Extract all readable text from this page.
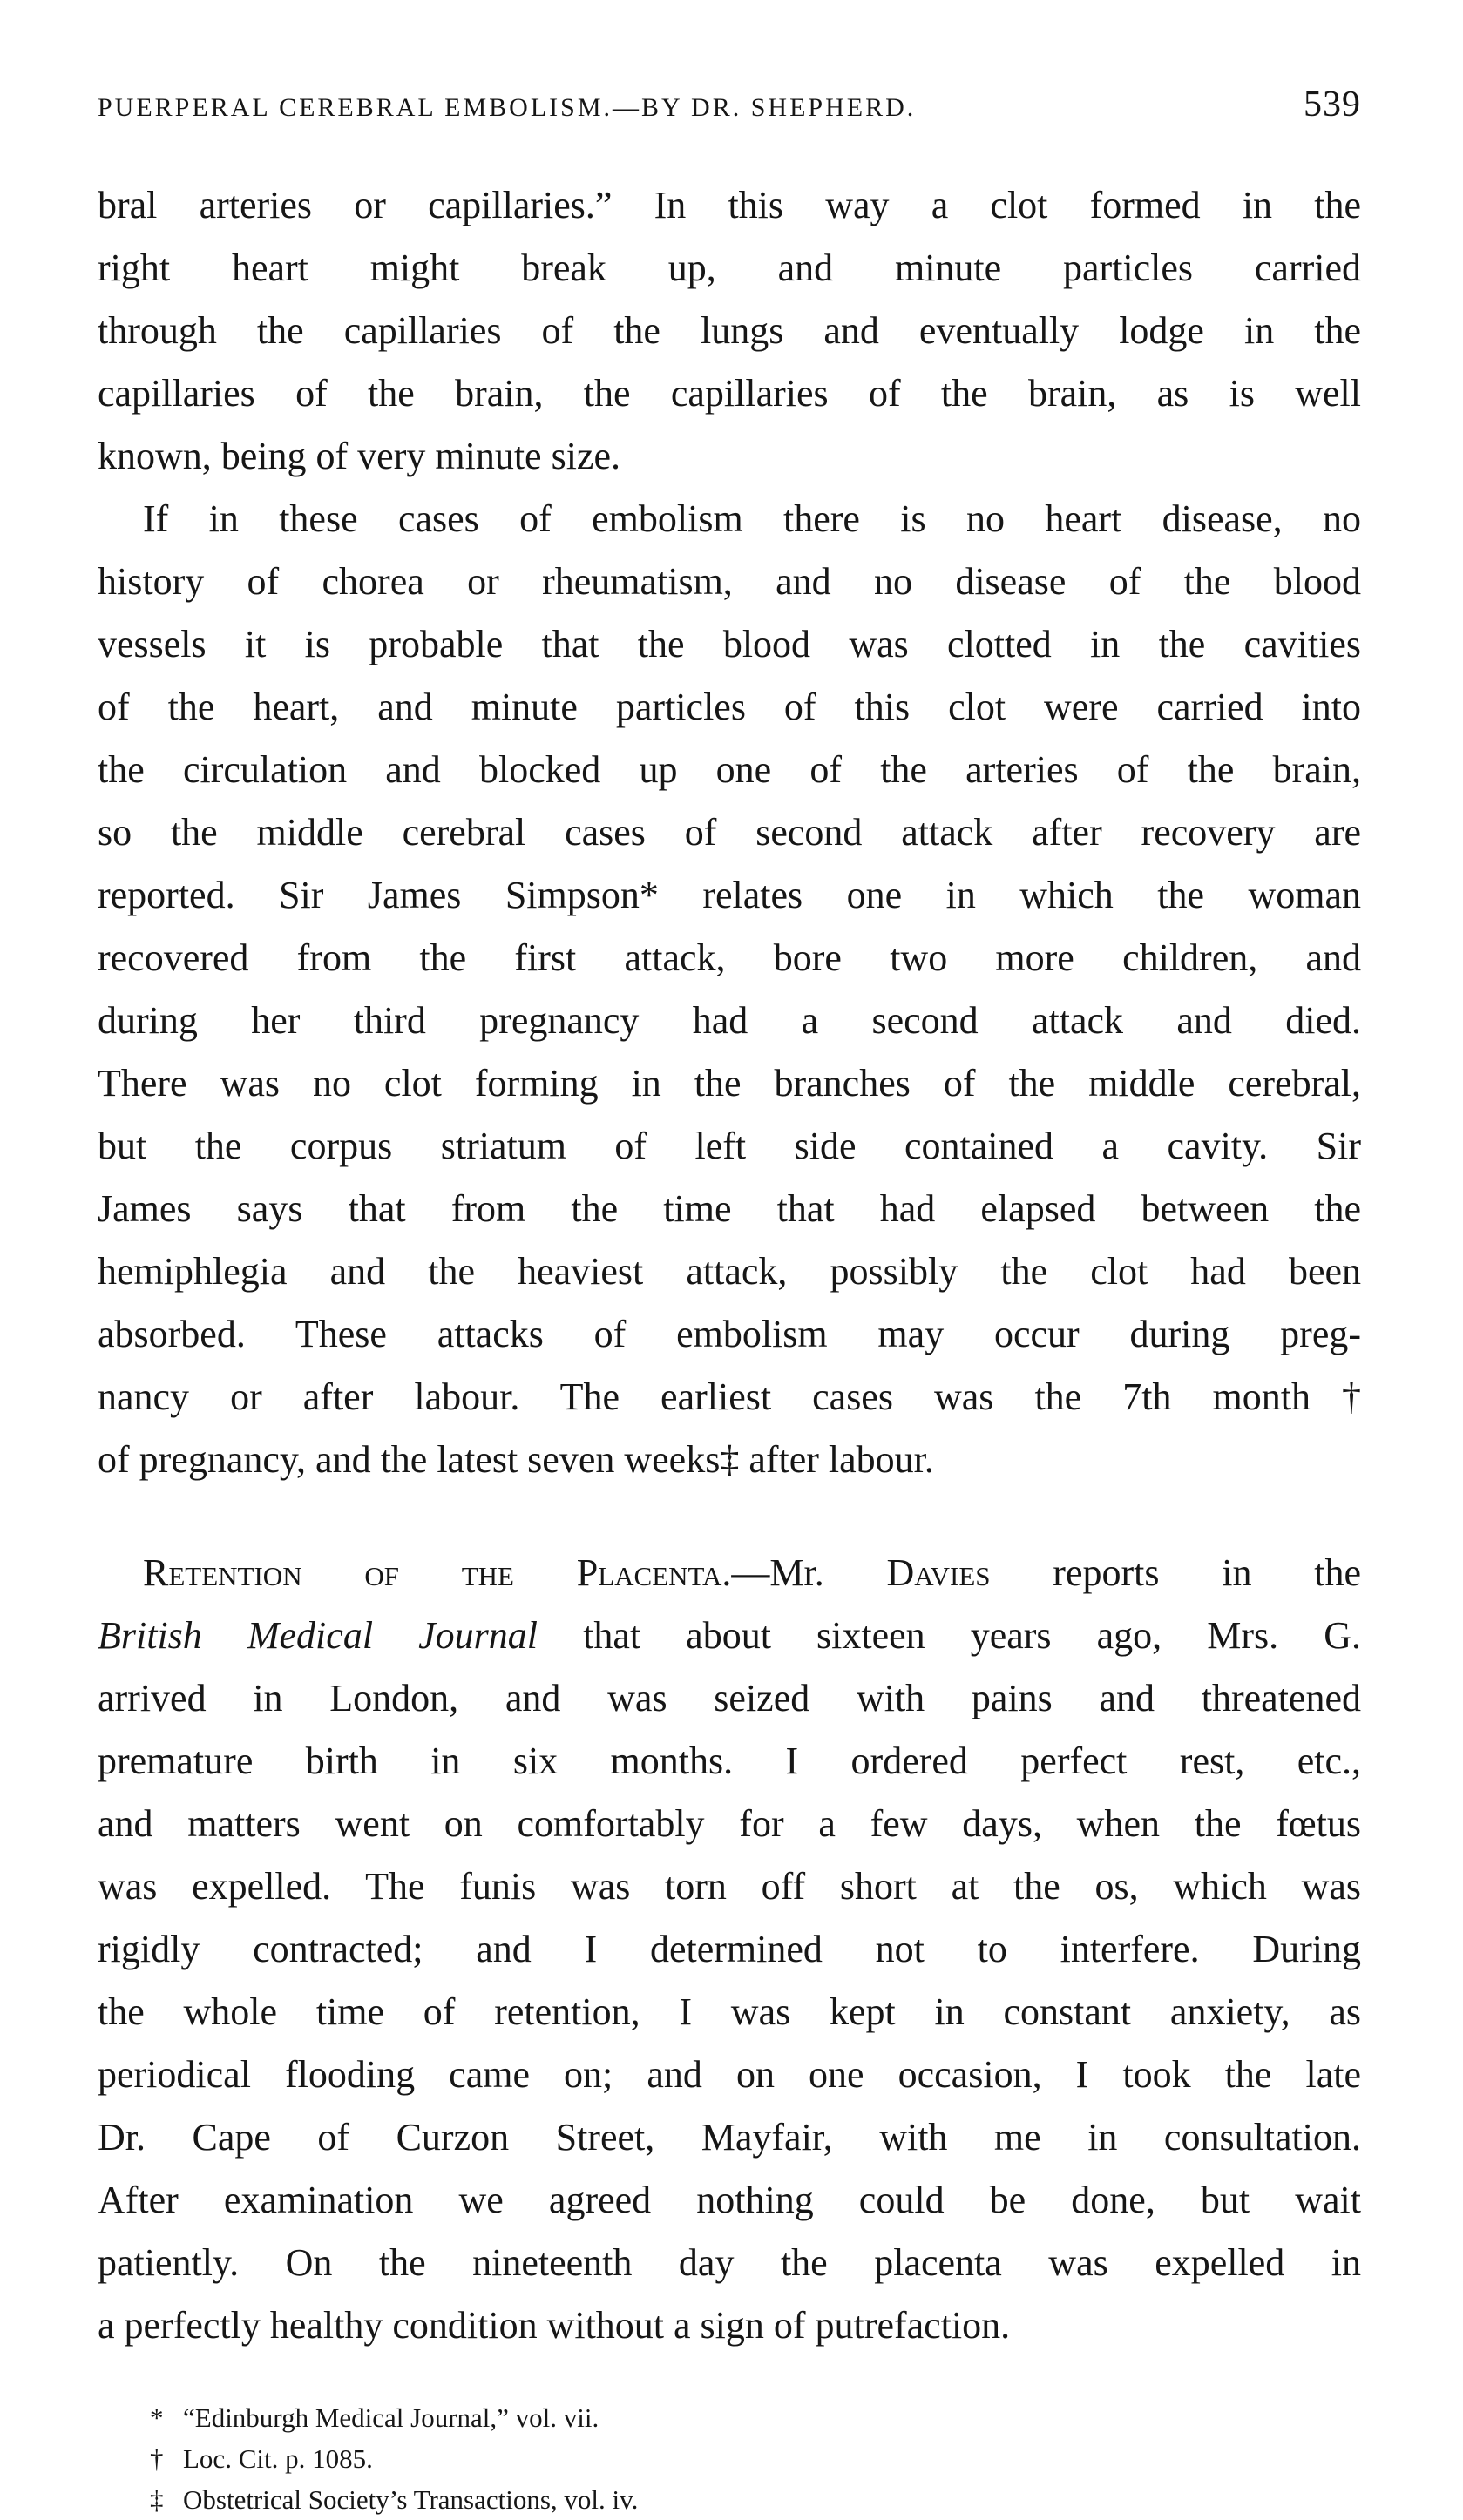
PUERPERAL CEREBRAL EMBOLISM.—BY DR. SHEPHERD.	539
bral arteries or capillaries.” In this way a clot formed in the
right heart might break up, and minute particles carried
through the capillaries of the lungs and eventually lodge in the
capillaries of the brain, the capillaries of the brain, as is well
known, being of very minute size.
If in these cases of embolism there is no heart disease, no
history of chorea or rheumatism, and no disease of the blood
vessels it is probable that the blood was clotted in the cavities
of the heart, and minute particles of this clot were carried into
the circulation and blocked up one of the arteries of the brain,
so the middle cerebral cases of second attack after recovery are
reported. Sir James Simpson* relates one in which the woman
recovered from the first attack, bore two more children, and
during her third pregnancy had a second attack and died.
There was no clot forming in the branches of the middle cerebral,
but the corpus striatum of left side contained a cavity. Sir
James says that from the time that had elapsed between the
hemiphlegia and the heaviest attack, possibly the clot had been
absorbed. These attacks of embolism may occur during preg-
nancy or after labour. The earliest cases was the 7th month†
of pregnancy, and the latest seven weeks‡ after labour.
Retention of the Placenta.—Mr. Davies reports in the
British Medical Journal that about sixteen years ago, Mrs. G.
arrived in London, and was seized with pains and threatened
premature birth in six months. I ordered perfect rest, etc.,
and matters went on comfortably for a few days, when the fœtus
was expelled. The funis was torn off short at the os, which was
rigidly contracted; and I determined not to interfere. During
the whole time of retention, I was kept in constant anxiety, as
periodical flooding came on; and on one occasion, I took the late
Dr. Cape of Curzon Street, Mayfair, with me in consultation.
After examination we agreed nothing could be done, but wait
patiently. On the nineteenth day the placenta was expelled in
a perfectly healthy condition without a sign of putrefaction.
* “Edinburgh Medical Journal,” vol. vii.
† Loc. Cit. p. 1085.
‡ Obstetrical Society’s Transactions, vol. iv.
